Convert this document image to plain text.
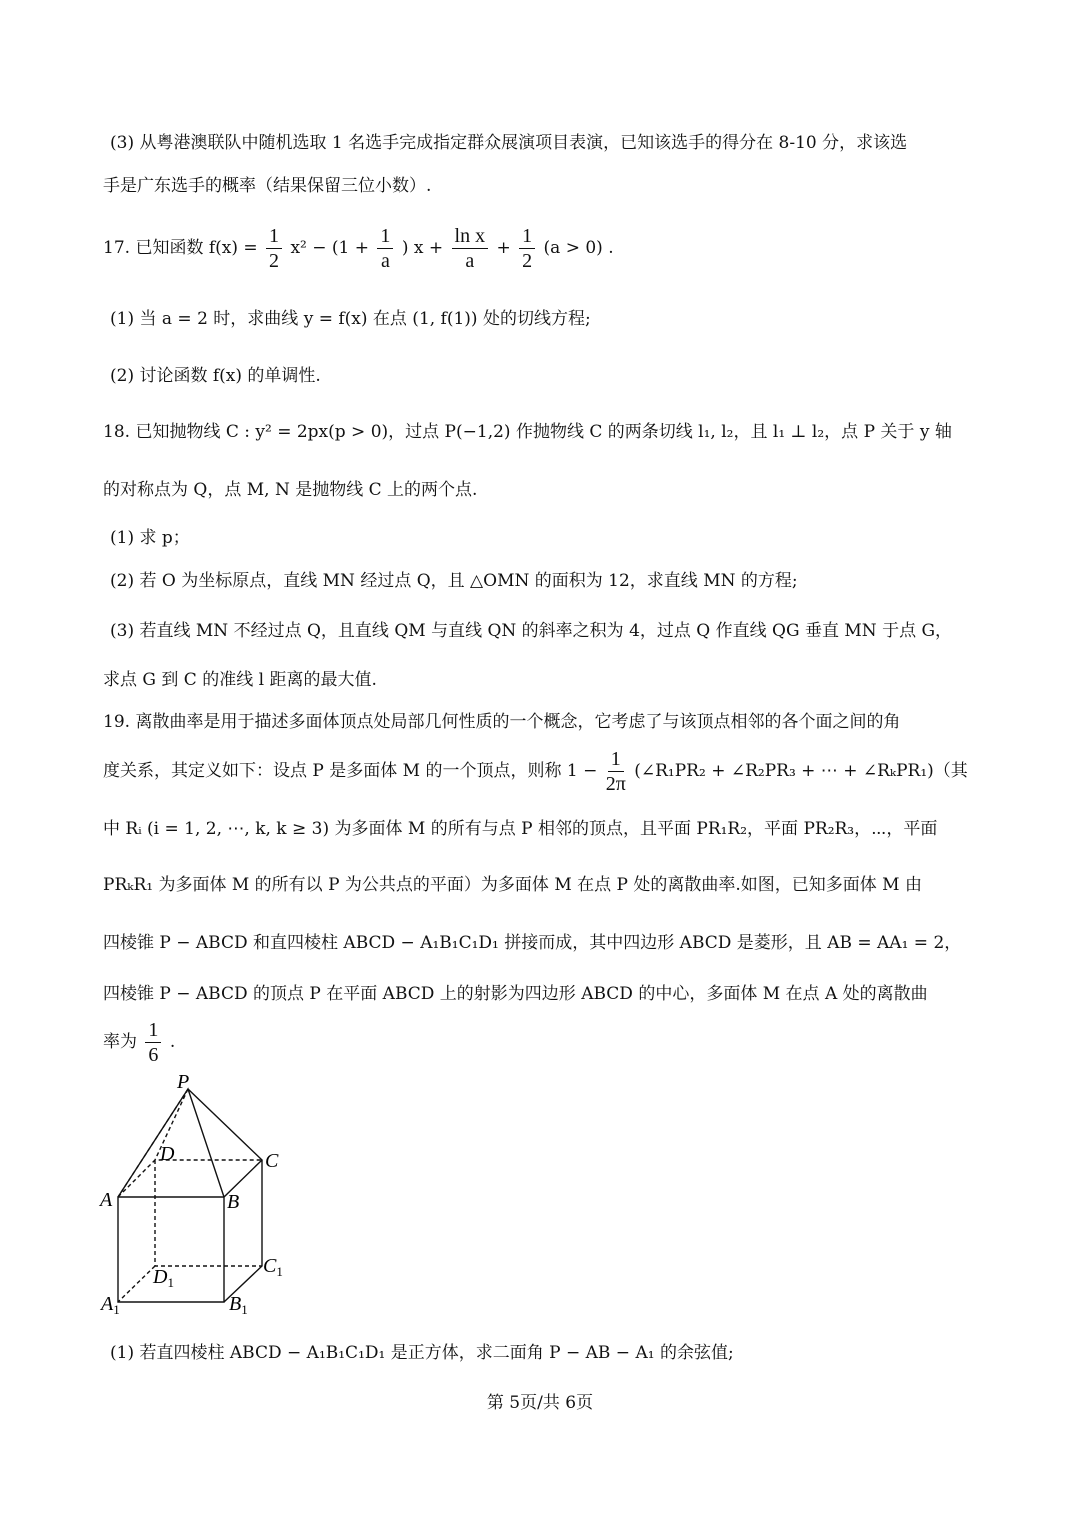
(3) 从粤港澳联队中随机选取 1 名选手完成指定群众展演项目表演，已知该选手的得分在 8-10 分，求该选
手是广东选手的概率（结果保留三位小数）.
17. 已知函数 $f(x) = \frac{1}{2} x^2 - (1 + \frac{1}{a}$ ) $x + \frac{\text{ln x}}{a} + \frac{1}{2} (a > 0)$ .
(1) 当 a = 2 时，求曲线 y = f(x) 在点 (1, f(1)) 处的切线方程;
(2) 讨论函数 f(x) 的单调性.
18. 已知抛物线 C : y² = 2px(p > 0)，过点 P(−1,2) 作抛物线 C 的两条切线 l₁, l₂，且 l₁ ⊥ l₂，点 P 关于 y 轴
的对称点为 Q，点 M, N 是抛物线 C 上的两个点.
(1) 求 p；
(2) 若 O 为坐标原点，直线 MN 经过点 Q，且 △OMN 的面积为 12，求直线 MN 的方程;
(3) 若直线 MN 不经过点 Q，且直线 QM 与直线 QN 的斜率之积为 4，过点 Q 作直线 QG 垂直 MN 于点 G，
求点 G 到 C 的准线 l 距离的最大值.
19. 离散曲率是用于描述多面体顶点处局部几何性质的一个概念，它考虑了与该顶点相邻的各个面之间的角
度关系，其定义如下：设点 P 是多面体 M 的一个顶点，则称 $1 - \frac{1}{2\pi}$ (∠R₁PR₂ + ∠R₂PR₃ + ⋯ + ∠RₖPR₁)（其
中 Rᵢ (i = 1, 2, ⋯, k, k ≥ 3) 为多面体 M 的所有与点 P 相邻的顶点，且平面 PR₁R₂，平面 PR₂R₃，⋯，平面
PRₖR₁ 为多面体 M 的所有以 P 为公共点的平面）为多面体 M 在点 P 处的离散曲率.如图，已知多面体 M 由
四棱锥 P − ABCD 和直四棱柱 ABCD − A₁B₁C₁D₁ 拼接而成，其中四边形 ABCD 是菱形，且 AB = AA₁ = 2，
四棱锥 P − ABCD 的顶点 P 在平面 ABCD 上的射影为四边形 ABCD 的中心，多面体 M 在点 A 处的离散曲
率为 $\frac{1}{6}$ .
P
D	C
A	B
$C_1$
$D_1$
$A_1$	$B_1$
(1) 若直四棱柱 ABCD − A₁B₁C₁D₁ 是正方体，求二面角 P − AB − A₁ 的余弦值;
第 5页/共 6页
